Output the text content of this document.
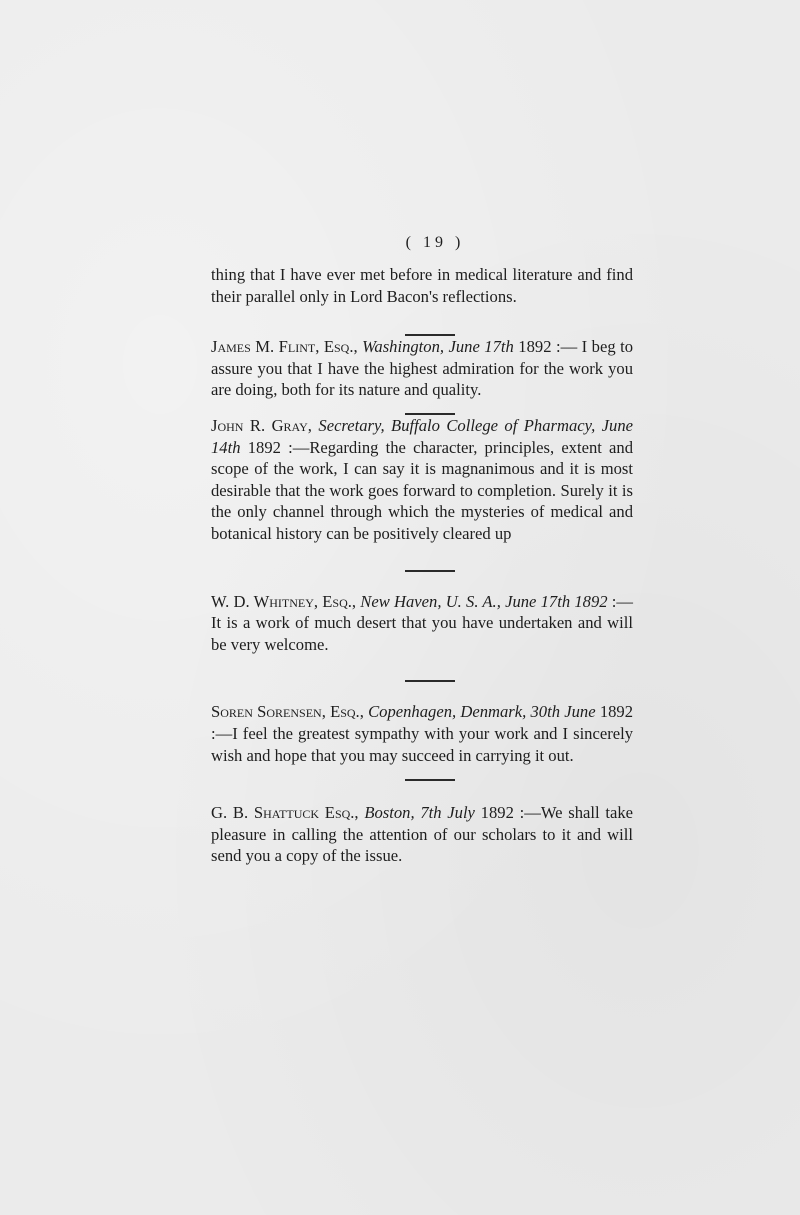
( 19 )

thing that I have ever met before in medical literature and find their parallel only in Lord Bacon's reflections.

James M. Flint, Esq., Washington, June 17th 1892 :— I beg to assure you that I have the highest admiration for the work you are doing, both for its nature and quality.

John R. Gray, Secretary, Buffalo College of Pharmacy, June 14th 1892 :—Regarding the character, principles, extent and scope of the work, I can say it is magnanimous and it is most desirable that the work goes forward to completion. Surely it is the only channel through which the mysteries of medical and botanical history can be positively cleared up

W. D. Whitney, Esq., New Haven, U. S. A., June 17th 1892 :—It is a work of much desert that you have undertaken and will be very welcome.

Soren Sorensen, Esq., Copenhagen, Denmark, 30th June 1892 :—I feel the greatest sympathy with your work and I sincerely wish and hope that you may succeed in carrying it out.

G. B. Shattuck Esq., Boston, 7th July 1892 :—We shall take pleasure in calling the attention of our scholars to it and will send you a copy of the issue.
